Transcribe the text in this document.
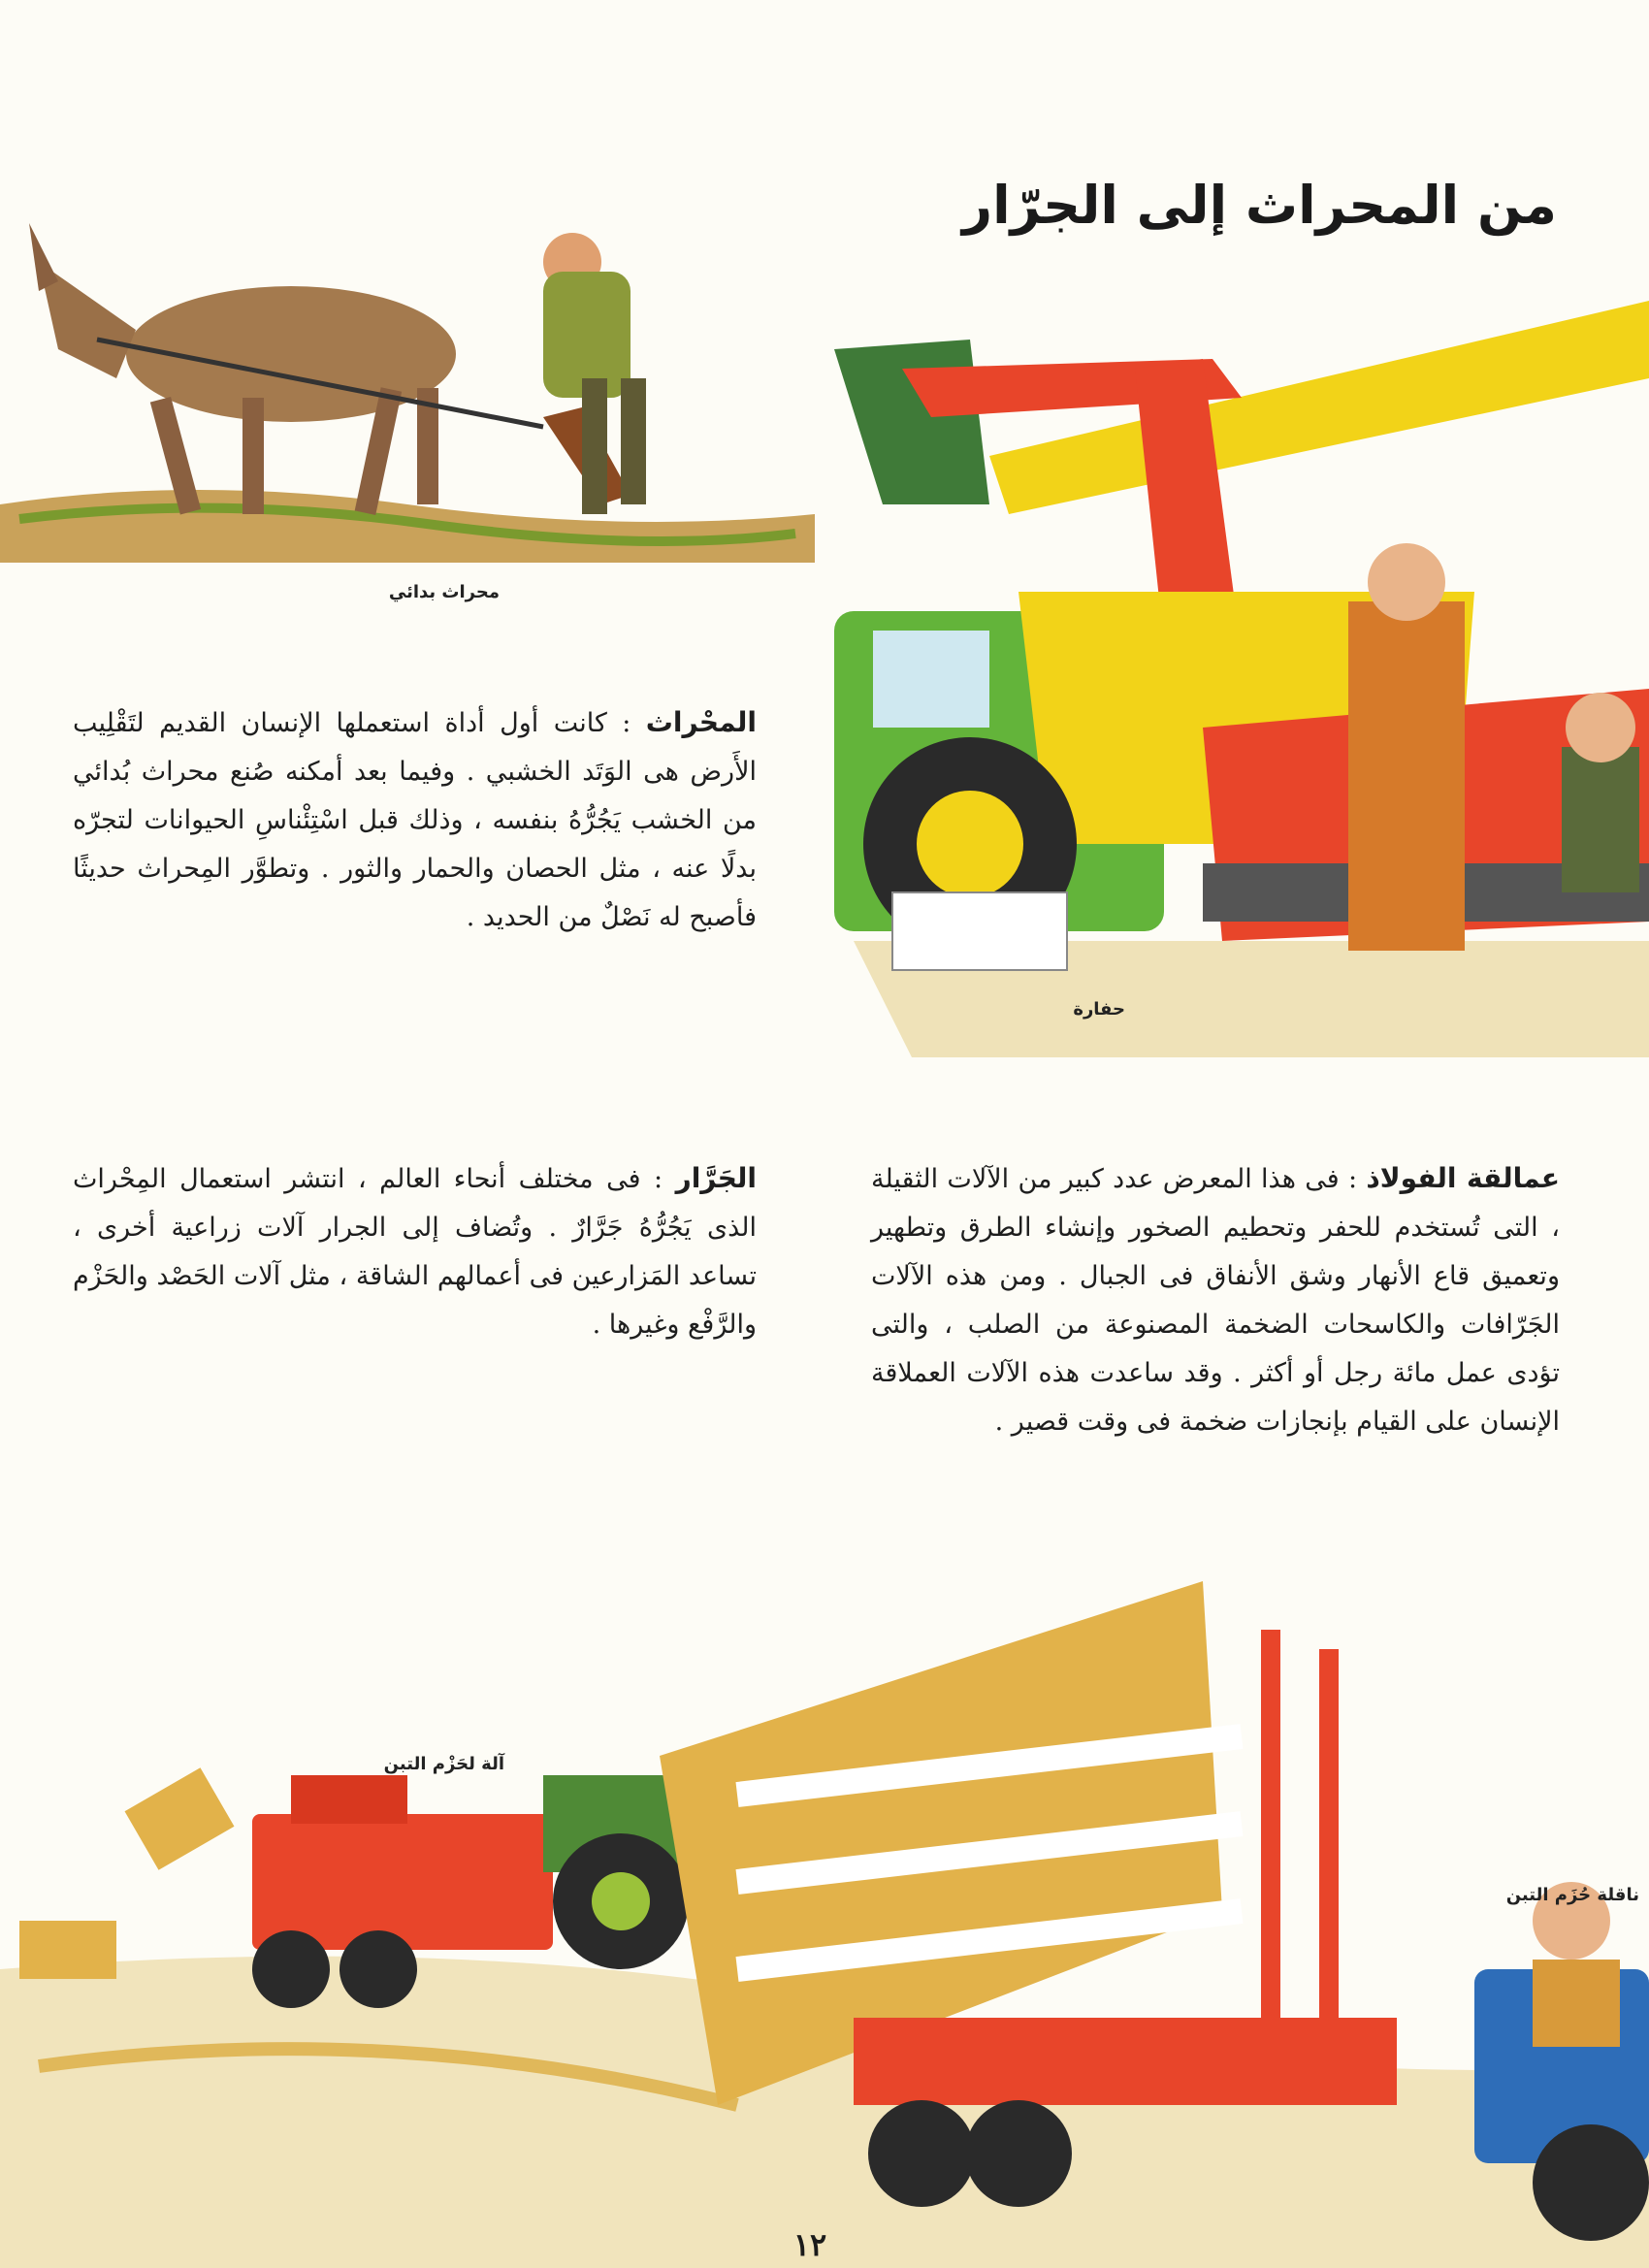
من المحراث إلى الجرّار
محراث بدائي
حفارة
المحْراث : كانت أول أداة استعملها الإنسان القديم لتَقْلِيب الأَرض هى الوَتَد الخشبي . وفيما بعد أمكنه صُنع محراث بُدائي من الخشب يَجُرُّهُ بنفسه ، وذلك قبل اسْتِئْناسِ الحيوانات لتجرّه بدلًا عنه ، مثل الحصان والحمار والثور . وتطوَّر المِحراث حديثًا فأصبح له نَصْلٌ من الحديد .
عمالقة الفولاذ : فى هذا المعرض عدد كبير من الآلات الثقيلة ، التى تُستخدم للحفر وتحطيم الصخور وإنشاء الطرق وتطهير وتعميق قاع الأنهار وشق الأنفاق فى الجبال . ومن هذه الآلات الجَرّافات والكاسحات الضخمة المصنوعة من الصلب ، والتى تؤدى عمل مائة رجل أو أكثر . وقد ساعدت هذه الآلات العملاقة الإنسان على القيام بإنجازات ضخمة فى وقت قصير .
الجَرَّار : فى مختلف أنحاء العالم ، انتشر استعمال المِحْراث الذى يَجُرُّهُ جَرَّارٌ . وتُضاف إلى الجرار آلات زراعية أخرى ، تساعد المَزارعين فى أعمالهم الشاقة ، مثل آلات الحَصْد والحَزْم والرَّفْع وغيرها .
آلة لحَزْم التبن
ناقلة حُزَم التبن
١٢
